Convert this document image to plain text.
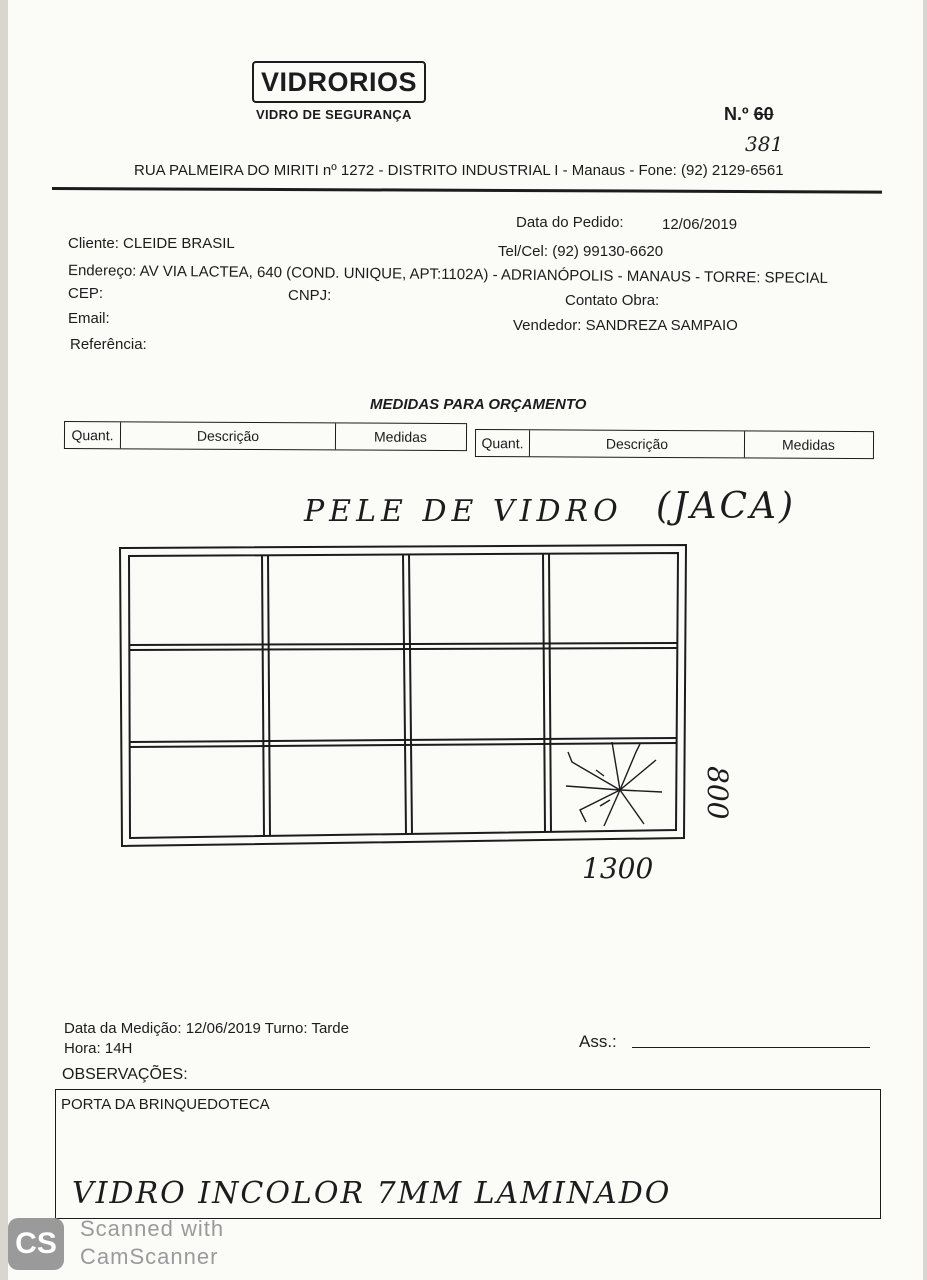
VIDRORIOS
VIDRO DE SEGURANÇA	N.º 60
381
RUA PALMEIRA DO MIRITI nº 1272 - DISTRITO INDUSTRIAL I - Manaus - Fone: (92) 2129-6561
Data do Pedido:	12/06/2019
Cliente: CLEIDE BRASIL	Tel/Cel: (92) 99130-6620
Endereço: AV VIA LACTEA, 640 (COND. UNIQUE, APT:1102A) - ADRIANÓPOLIS - MANAUS - TORRE: SPECIAL
CEP:	CNPJ:	Contato Obra:
Email:	Vendedor: SANDREZA SAMPAIO
Referência:
MEDIDAS PARA ORÇAMENTO
Quant.	Descrição	Medidas	Quant.	Descrição	Medidas
PELE DE VIDRO (JACA)
800
1300
Data da Medição: 12/06/2019 Turno: Tarde
Hora: 14H	Ass.:
OBSERVAÇÕES:
PORTA DA BRINQUEDOTECA
VIDRO INCOLOR 7MM LAMINADO
CS	Scanned with
CamScanner
